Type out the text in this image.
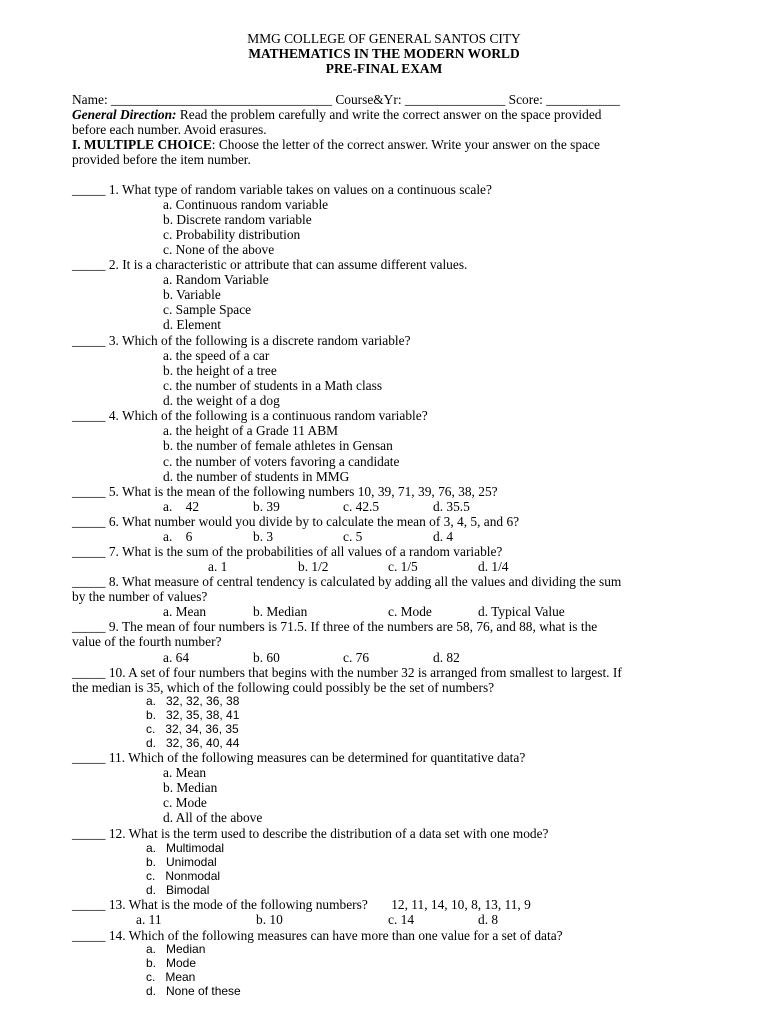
MMG COLLEGE OF GENERAL SANTOS CITY
MATHEMATICS IN THE MODERN WORLD
PRE-FINAL EXAM
Name: _________________________________ Course&Yr: _______________ Score: ___________
General Direction: Read the problem carefully and write the correct answer on the space provided
before each number. Avoid erasures.
I. MULTIPLE CHOICE: Choose the letter of the correct answer. Write your answer on the space
provided before the item number.
_____ 1. What type of random variable takes on values on a continuous scale?
a. Continuous random variable
b. Discrete random variable
c. Probability distribution
c. None of the above
_____ 2. It is a characteristic or attribute that can assume different values.
a. Random Variable
b. Variable
c. Sample Space
d. Element
_____ 3. Which of the following is a discrete random variable?
a. the speed of a car
b. the height of a tree
c. the number of students in a Math class
d. the weight of a dog
_____ 4. Which of the following is a continuous random variable?
a. the height of a Grade 11 ABM
b. the number of female athletes in Gensan
c. the number of voters favoring a candidate
d. the number of students in MMG
_____ 5. What is the mean of the following numbers 10, 39, 71, 39, 76, 38, 25?
a.    42	b. 39	c. 42.5	d. 35.5
_____ 6. What number would you divide by to calculate the mean of 3, 4, 5, and 6?
a.    6	b. 3	c. 5	d. 4
_____ 7. What is the sum of the probabilities of all values of a random variable?
a. 1	b. 1/2	c. 1/5	d. 1/4
_____ 8. What measure of central tendency is calculated by adding all the values and dividing the sum
by the number of values?
a. Mean	b. Median	c. Mode	d. Typical Value
_____ 9. The mean of four numbers is 71.5. If three of the numbers are 58, 76, and 88, what is the
value of the fourth number?
a. 64	b. 60	c. 76	d. 82
_____ 10. A set of four numbers that begins with the number 32 is arranged from smallest to largest. If
the median is 35, which of the following could possibly be the set of numbers?
a.   32, 32, 36, 38
b.   32, 35, 38, 41
c.   32, 34, 36, 35
d.   32, 36, 40, 44
_____ 11. Which of the following measures can be determined for quantitative data?
a. Mean
b. Median
c. Mode
d. All of the above
_____ 12. What is the term used to describe the distribution of a data set with one mode?
a.   Multimodal
b.   Unimodal
c.   Nonmodal
d.   Bimodal
_____ 13. What is the mode of the following numbers?       12, 11, 14, 10, 8, 13, 11, 9
a. 11	b. 10	c. 14	d. 8
_____ 14. Which of the following measures can have more than one value for a set of data?
a.   Median
b.   Mode
c.   Mean
d.   None of these
